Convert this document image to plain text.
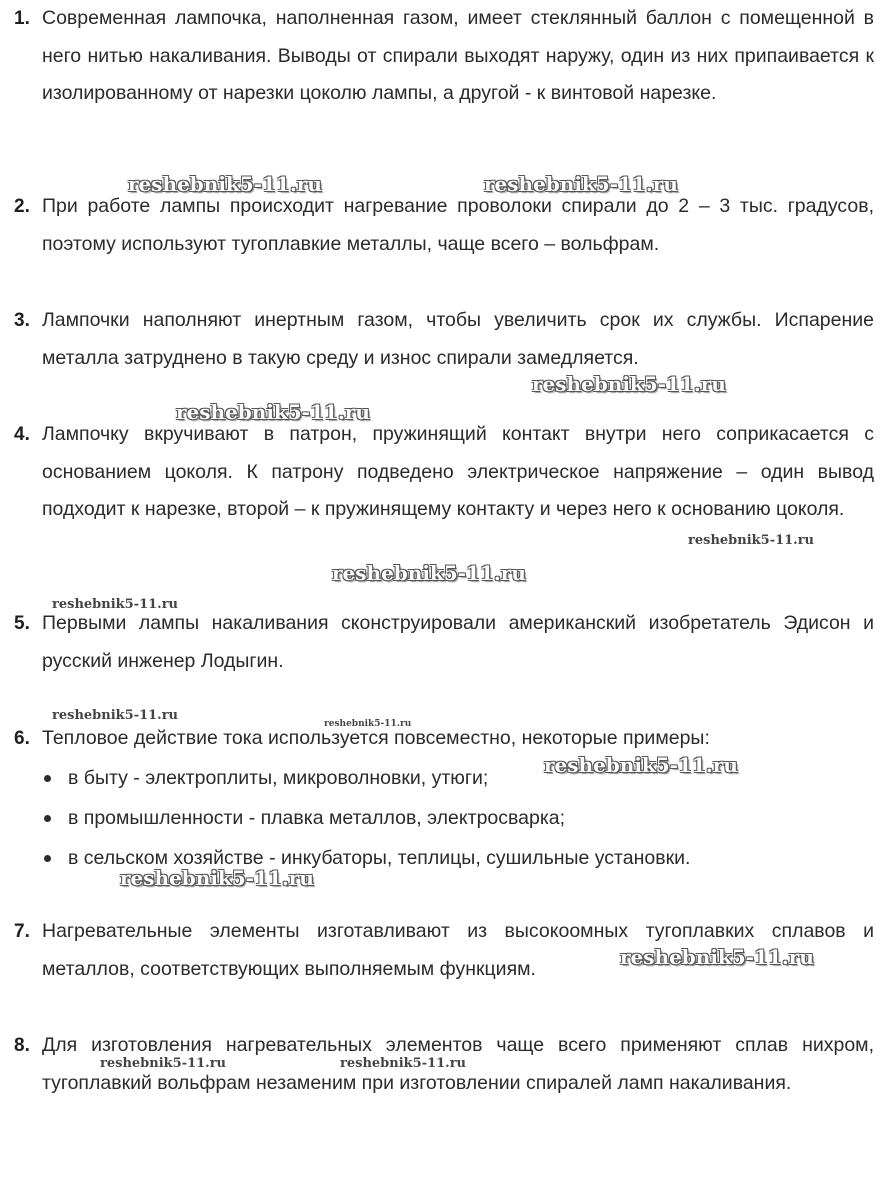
1. Современная лампочка, наполненная газом, имеет стеклянный баллон с помещенной в него нитью накаливания. Выводы от спирали выходят наружу, один из них припаивается к изолированному от нарезки цоколю лампы, а другой - к винтовой нарезке.
2. При работе лампы происходит нагревание проволоки спирали до 2 – 3 тыс. градусов, поэтому используют тугоплавкие металлы, чаще всего – вольфрам.
3. Лампочки наполняют инертным газом, чтобы увеличить срок их службы. Испарение металла затруднено в такую среду и износ спирали замедляется.
4. Лампочку вкручивают в патрон, пружинящий контакт внутри него соприкасается с основанием цоколя. К патрону подведено электрическое напряжение – один вывод подходит к нарезке, второй – к пружинящему контакту и через него к основанию цоколя.
5. Первыми лампы накаливания сконструировали американский изобретатель Эдисон и русский инженер Лодыгин.
6. Тепловое действие тока используется повсеместно, некоторые примеры:
в быту - электроплиты, микроволновки, утюги;
в промышленности - плавка металлов, электросварка;
в сельском хозяйстве - инкубаторы, теплицы, сушильные установки.
7. Нагревательные элементы изготавливают из высокоомных тугоплавких сплавов и металлов, соответствующих выполняемым функциям.
8. Для изготовления нагревательных элементов чаще всего применяют сплав нихром, тугоплавкий вольфрам незаменим при изготовлении спиралей ламп накаливания.
reshebnik5-11.ru	reshebnik5-11.ru
reshebnik5-11.ru
reshebnik5-11.ru
reshebnik5-11.ru
reshebnik5-11.ru
reshebnik5-11.ru
reshebnik5-11.ru
reshebnik5-11.ru
reshebnik5-11.ru
reshebnik5-11.ru
reshebnik5-11.ru
reshebnik5-11.ru	reshebnik5-11.ru
